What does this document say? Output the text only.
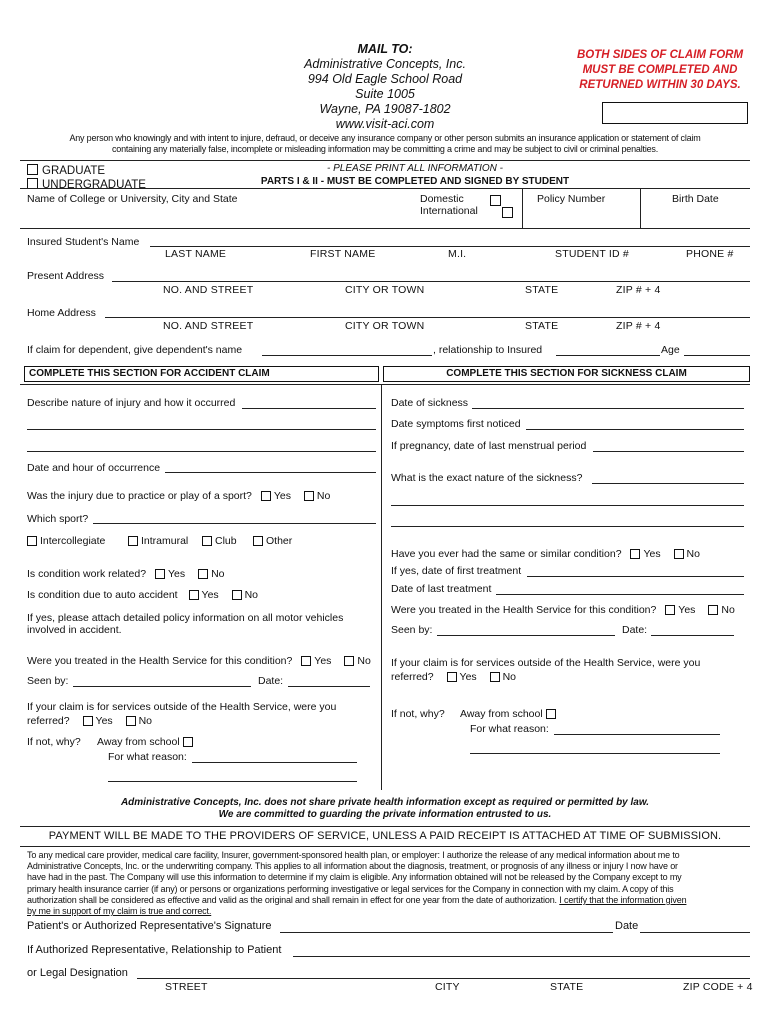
MAIL TO:
Administrative Concepts, Inc.
994 Old Eagle School Road
Suite 1005
Wayne, PA 19087-1802
www.visit-aci.com
BOTH SIDES OF CLAIM FORM
MUST BE COMPLETED AND
RETURNED WITHIN 30 DAYS.
Any person who knowingly and with intent to injure, defraud, or deceive any insurance company or other person submits an insurance application or statement of claim
containing any materially false, incomplete or misleading information may be committing a crime and may be subject to civil or criminal penalties.
GRADUATE
UNDERGRADUATE
- PLEASE PRINT ALL INFORMATION -
PARTS I & II - MUST BE COMPLETED AND SIGNED BY STUDENT
Name of College or University, City and State	Domestic
International
Policy Number	Birth Date
Insured Student's Name
LAST NAME	FIRST NAME	M.I.	STUDENT ID #	PHONE #
Present Address
NO. AND STREET	CITY OR TOWN	STATE	ZIP # + 4
Home Address
NO. AND STREET	CITY OR TOWN	STATE	ZIP # + 4
If claim for dependent, give dependent's name	, relationship to Insured	Age
COMPLETE THIS SECTION FOR ACCIDENT CLAIM	COMPLETE THIS SECTION FOR SICKNESS CLAIM
Describe nature of injury and how it occurred
Date and hour of occurrence
Was the injury due to practice or play of a sport? Yes No
Which sport?
Intercollegiate	Intramural	Club	Other
Is condition work related? Yes No
Is condition due to auto accident Yes No
If yes, please attach detailed policy information on all motor vehicles
involved in accident.
Were you treated in the Health Service for this condition? Yes No
Seen by:	Date:
If your claim is for services outside of the Health Service, were you
referred? Yes No
If not, why? Away from school
For what reason:
Date of sickness
Date symptoms first noticed
If pregnancy, date of last menstrual period
What is the exact nature of the sickness?
Have you ever had the same or similar condition? Yes No
If yes, date of first treatment
Date of last treatment
Were you treated in the Health Service for this condition? Yes No
Seen by:	Date:
If your claim is for services outside of the Health Service, were you
referred? Yes No
If not, why? Away from school
For what reason:
Administrative Concepts, Inc. does not share private health information except as required or permitted by law.
We are committed to guarding the private information entrusted to us.
PAYMENT WILL BE MADE TO THE PROVIDERS OF SERVICE, UNLESS A PAID RECEIPT IS ATTACHED AT TIME OF SUBMISSION.
To any medical care provider, medical care facility, Insurer, government-sponsored health plan, or employer: I authorize the release of any medical information about me to
Administrative Concepts, Inc. or the underwriting company. This applies to all information about the diagnosis, treatment, or prognosis of any illness or injury I now have or
have had in the past. The Company will use this information to determine if my claim is eligible. Any information obtained will not be released by the Company except to my
primary health insurance carrier (if any) or persons or organizations performing investigative or legal services for the Company in connection with my claim. A copy of this
authorization shall be considered as effective and valid as the original and shall remain in effect for one year from the date of authorization. I certify that the information given
by me in support of my claim is true and correct.
Patient's or Authorized Representative's Signature	Date
If Authorized Representative, Relationship to Patient
or Legal Designation
STREET	CITY	STATE	ZIP CODE + 4
